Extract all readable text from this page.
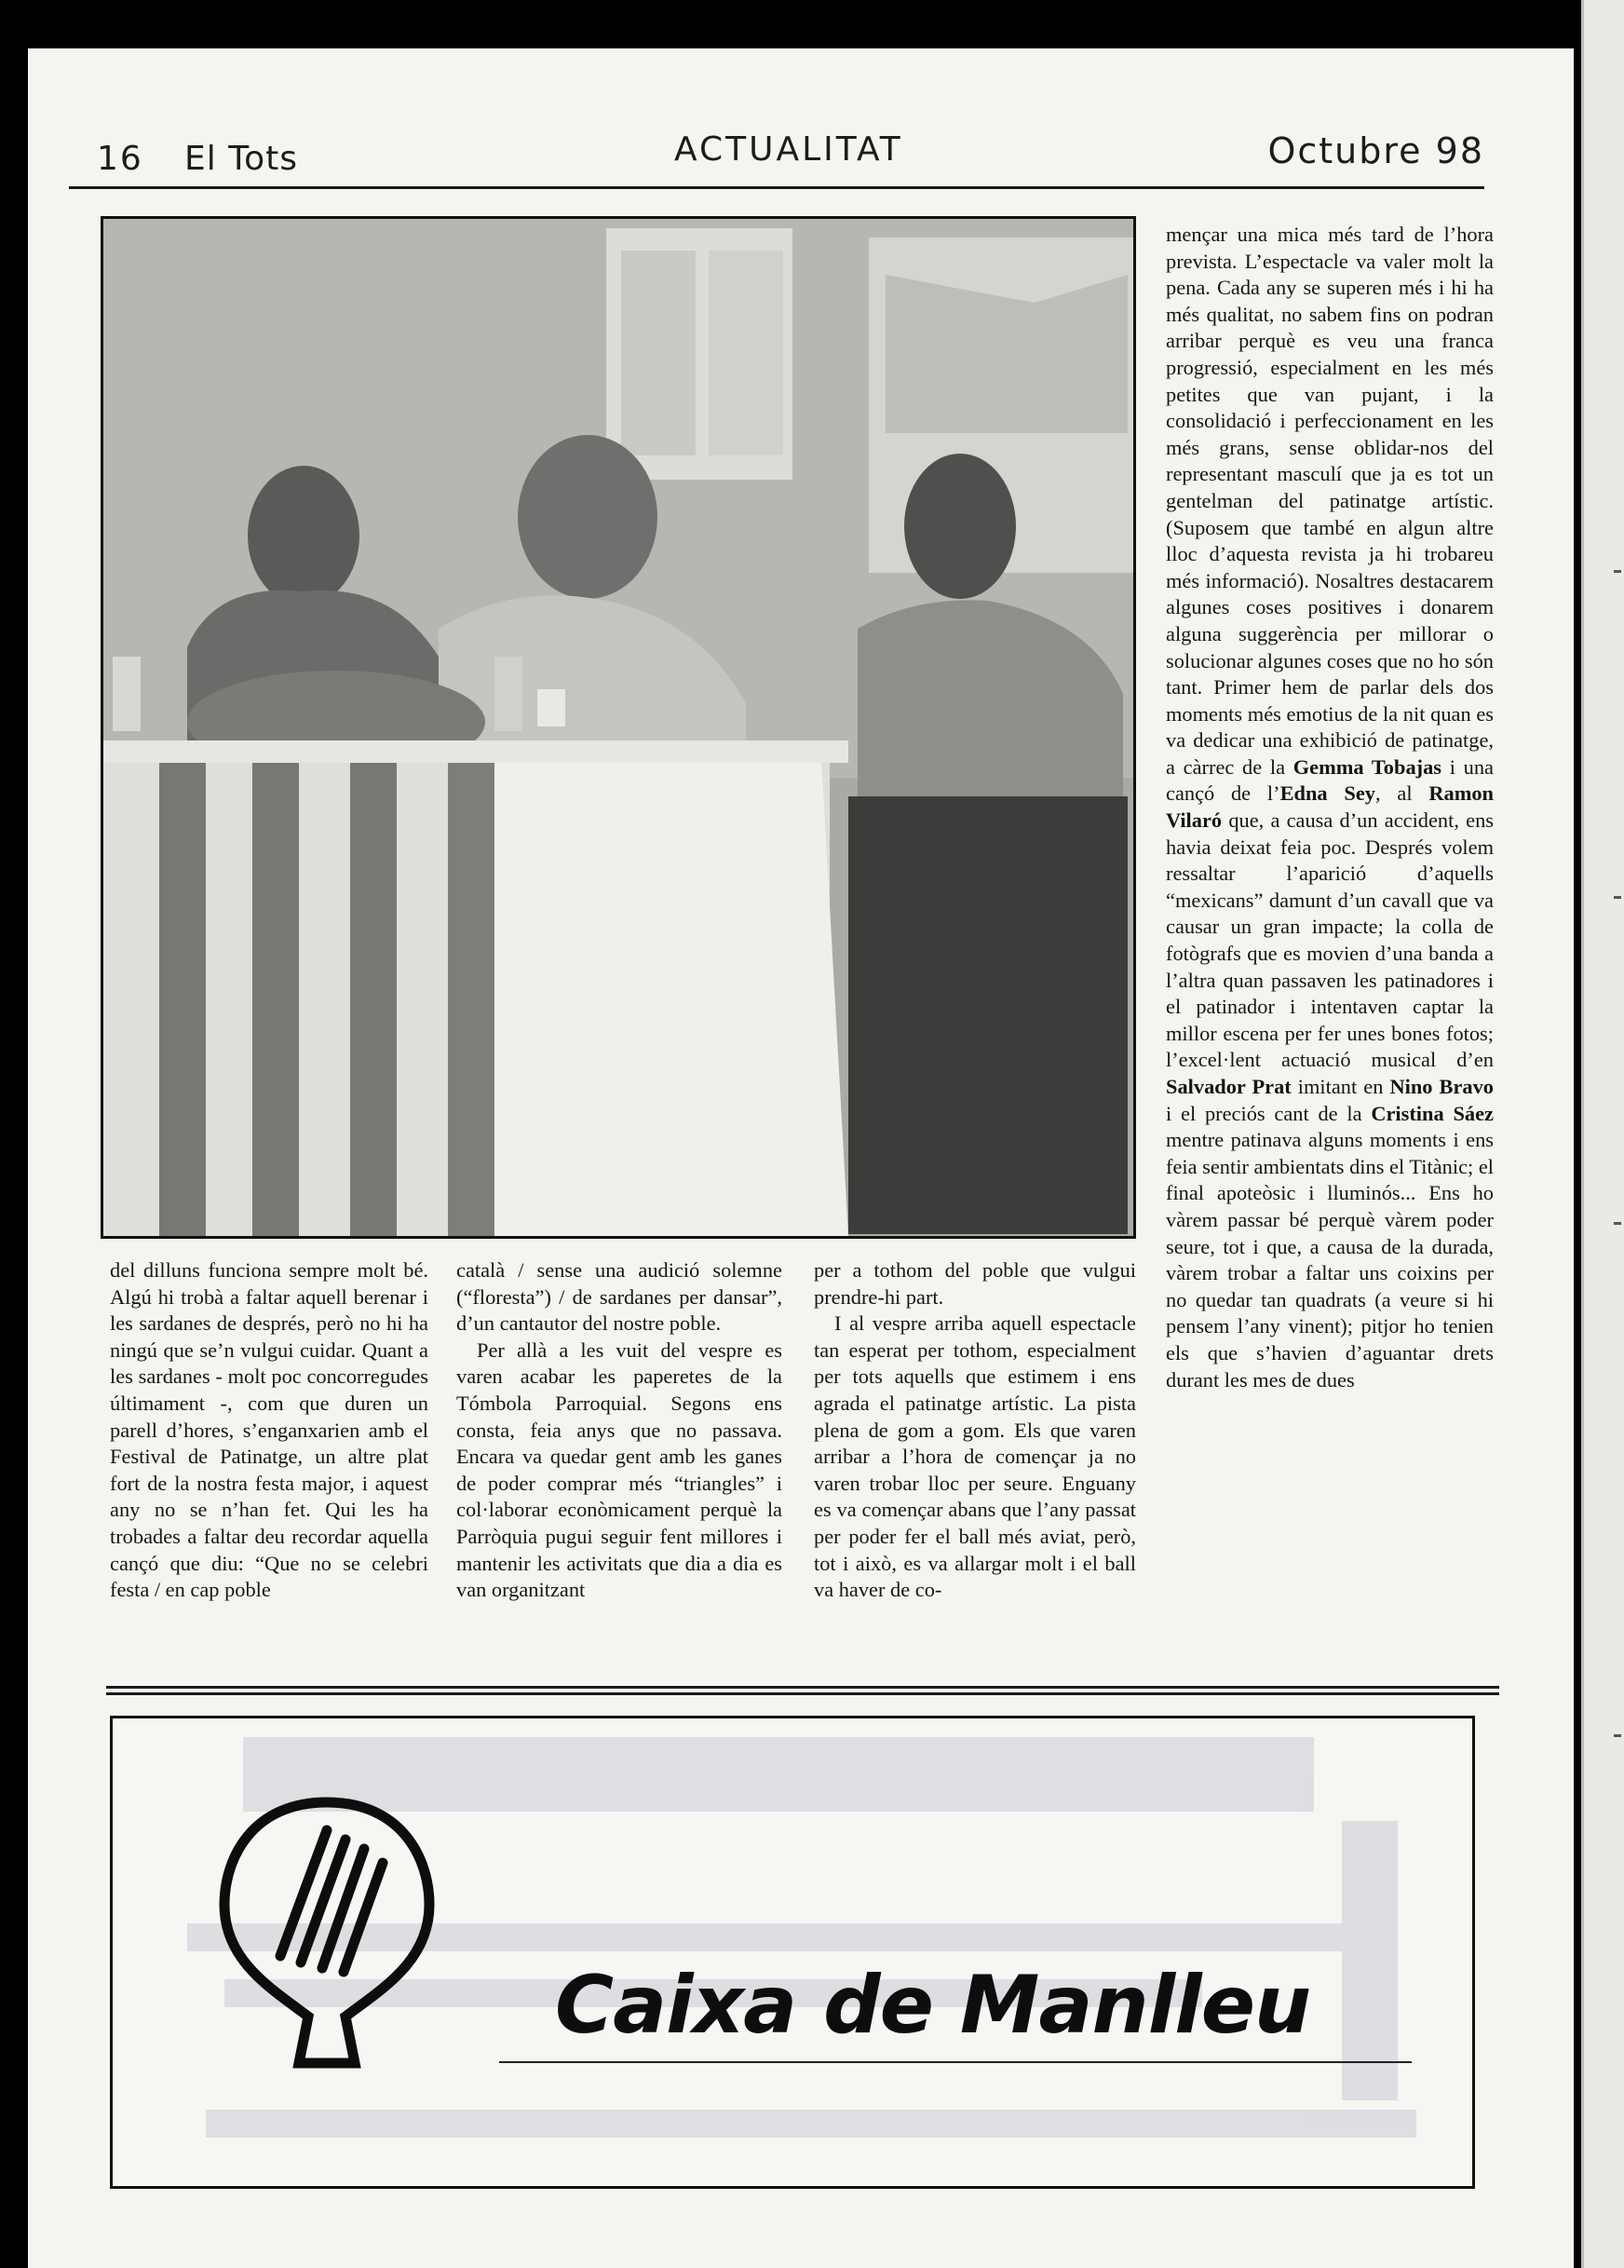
16 El Tots	ACTUALITAT	Octubre 98

mençar una mica més tard de l’hora prevista. L’espectacle va valer molt la pena. Cada any se superen més i hi ha més qualitat, no sabem fins on podran arribar perquè es veu una franca progressió, especialment en les més petites que van pujant, i la consolidació i perfeccionament en les més grans, sense oblidar-nos del representant masculí que ja es tot un gentelman del patinatge artístic. (Suposem que també en algun altre lloc d’aquesta revista ja hi trobareu més informació). Nosaltres destacarem algunes coses positives i donarem alguna suggerència per millorar o solucionar algunes coses que no ho són tant. Primer hem de parlar dels dos moments més emotius de la nit quan es va dedicar una exhibició de patinatge, a càrrec de la Gemma Tobajas i una cançó de l’Edna Sey, al Ramon Vilaró que, a causa d’un accident, ens havia deixat feia poc. Després volem ressaltar l’aparició d’aquells “mexicans” damunt d’un cavall que va causar un gran impacte; la colla de fotògrafs que es movien d’una banda a l’altra quan passaven les patinadores i el patinador i intentaven captar la millor escena per fer unes bones fotos; l’excel·lent actuació musical d’en Salvador Prat imitant en Nino Bravo i el preciós cant de la Cristina Sáez mentre patinava alguns moments i ens feia sentir ambientats dins el Titànic; el final apoteòsic i lluminós... Ens ho vàrem passar bé perquè vàrem poder seure, tot i que, a causa de la durada, vàrem trobar a faltar uns coixins per no quedar tan quadrats (a veure si hi pensem l’any vinent); pitjor ho tenien els que s’havien d’aguantar drets durant les mes de dues

del dilluns funciona sempre molt bé. Algú hi trobà a faltar aquell berenar i les sardanes de després, però no hi ha ningú que se’n vulgui cuidar. Quant a les sardanes - molt poc concorregudes últimament -, com que duren un parell d’hores, s’enganxarien amb el Festival de Patinatge, un altre plat fort de la nostra festa major, i aquest any no se n’han fet. Qui les ha trobades a faltar deu recordar aquella cançó que diu: “Que no se celebri festa / en cap poble

català / sense una audició solemne (“floresta”) / de sardanes per dansar”, d’un cantautor del nostre poble.

Per allà a les vuit del vespre es varen acabar les paperetes de la Tómbola Parroquial. Segons ens consta, feia anys que no passava. Encara va quedar gent amb les ganes de poder comprar més “triangles” i col·laborar econòmicament perquè la Parròquia pugui seguir fent millores i mantenir les activitats que dia a dia es van organitzant

per a tothom del poble que vulgui prendre-hi part.

I al vespre arriba aquell espectacle tan esperat per tothom, especialment per tots aquells que estimem i ens agrada el patinatge artístic. La pista plena de gom a gom. Els que varen arribar a l’hora de començar ja no varen trobar lloc per seure. Enguany es va començar abans que l’any passat per poder fer el ball més aviat, però, tot i això, es va allargar molt i el ball va haver de co-

Caixa de Manlleu
